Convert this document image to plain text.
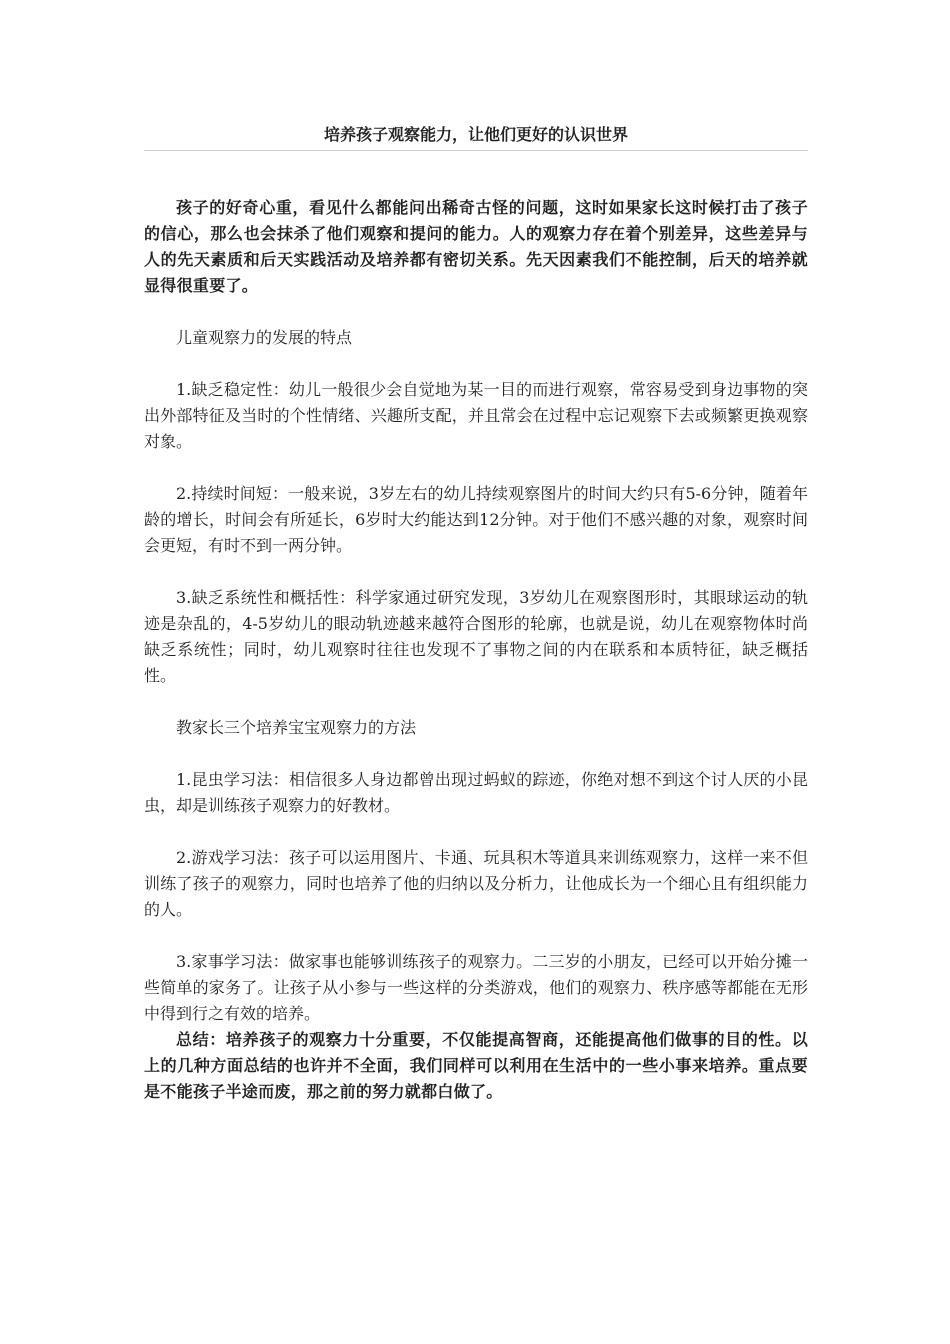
培养孩子观察能力，让他们更好的认识世界

孩子的好奇心重，看见什么都能问出稀奇古怪的问题，这时如果家长这时候打击了孩子的信心，那么也会抹杀了他们观察和提问的能力。人的观察力存在着个别差异，这些差异与人的先天素质和后天实践活动及培养都有密切关系。先天因素我们不能控制，后天的培养就显得很重要了。

儿童观察力的发展的特点

1.缺乏稳定性：幼儿一般很少会自觉地为某一目的而进行观察，常容易受到身边事物的突出外部特征及当时的个性情绪、兴趣所支配，并且常会在过程中忘记观察下去或频繁更换观察对象。

2.持续时间短：一般来说，3岁左右的幼儿持续观察图片的时间大约只有5-6分钟，随着年龄的增长，时间会有所延长，6岁时大约能达到12分钟。对于他们不感兴趣的对象，观察时间会更短，有时不到一两分钟。

3.缺乏系统性和概括性：科学家通过研究发现，3岁幼儿在观察图形时，其眼球运动的轨迹是杂乱的，4-5岁幼儿的眼动轨迹越来越符合图形的轮廓，也就是说，幼儿在观察物体时尚缺乏系统性；同时，幼儿观察时往往也发现不了事物之间的内在联系和本质特征，缺乏概括性。

教家长三个培养宝宝观察力的方法

1.昆虫学习法：相信很多人身边都曾出现过蚂蚁的踪迹，你绝对想不到这个讨人厌的小昆虫，却是训练孩子观察力的好教材。

2.游戏学习法：孩子可以运用图片、卡通、玩具积木等道具来训练观察力，这样一来不但训练了孩子的观察力，同时也培养了他的归纳以及分析力，让他成长为一个细心且有组织能力的人。

3.家事学习法：做家事也能够训练孩子的观察力。二三岁的小朋友，已经可以开始分摊一些简单的家务了。让孩子从小参与一些这样的分类游戏，他们的观察力、秩序感等都能在无形中得到行之有效的培养。

总结：培养孩子的观察力十分重要，不仅能提高智商，还能提高他们做事的目的性。以上的几种方面总结的也许并不全面，我们同样可以利用在生活中的一些小事来培养。重点要是不能孩子半途而废，那之前的努力就都白做了。
